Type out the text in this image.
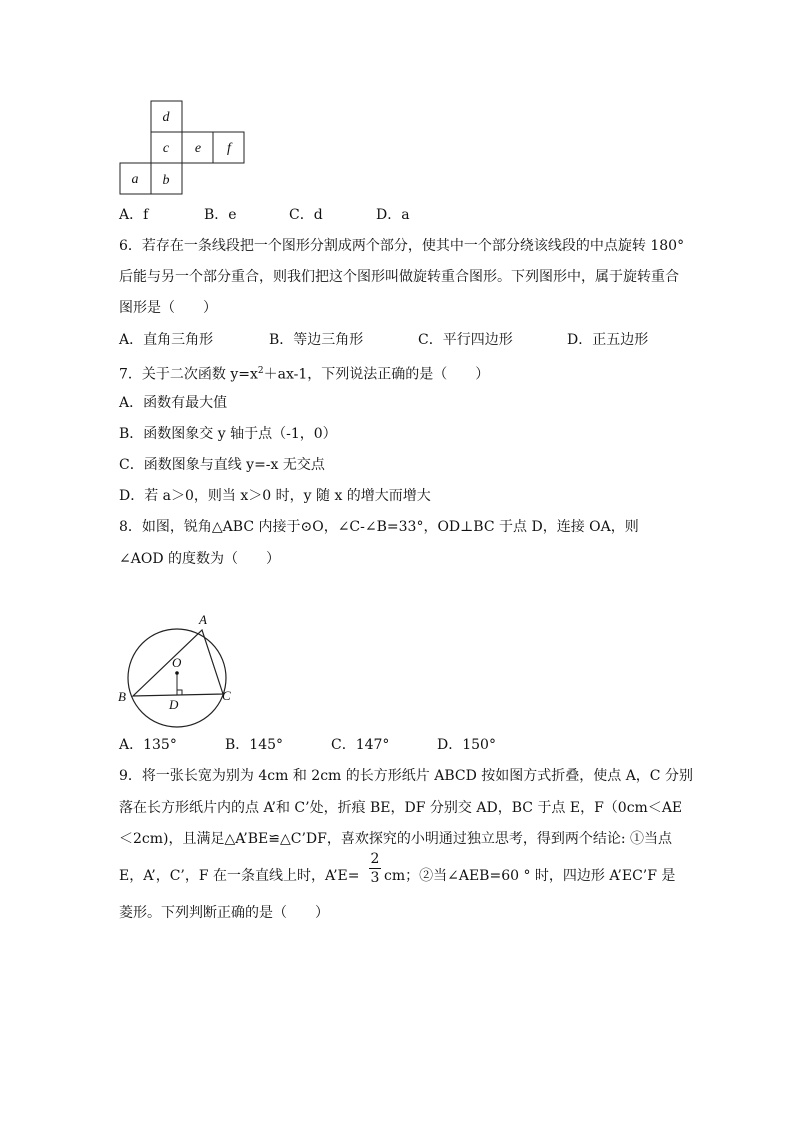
d
c e f
a b
A．f	B．e	C．d	D．a
6．若存在一条线段把一个图形分割成两个部分，使其中一个部分绕该线段的中点旋转 180°
后能与另一个部分重合，则我们把这个图形叫做旋转重合图形。下列图形中，属于旋转重合
图形是（　　）
A．直角三角形	B．等边三角形	C．平行四边形	D．正五边形
7．关于二次函数 $y=x^2+ax-1$，下列说法正确的是（　　）
A．函数有最大值
B．函数图象交 y 轴于点（-1，0）
C．函数图象与直线 y=-x 无交点
D．若 a＞0，则当 x＞0 时，y 随 x 的增大而增大
8．如图，锐角△ABC 内接于⊙O，∠C-∠B=33°，OD⊥BC 于点 D，连接 OA，则
∠AOD 的度数为（　　）
A
O
B	C
D
A．135°	B．145°	C．147°	D．150°
9．将一张长宽为别为 4cm 和 2cm 的长方形纸片 ABCD 按如图方式折叠，使点 A，C 分别
落在长方形纸片内的点 A’和 C’处，折痕 BE，DF 分别交 AD，BC 于点 E，F（0cm＜AE
＜2cm)，且满足△A’BE≌△C’DF，喜欢探究的小明通过独立思考，得到两个结论: ①当点
E，A’，C’，F 在一条直线上时，A’E=
2
3 cm；②当∠AEB=60 ° 时，四边形 A’EC’F 是
菱形。下列判断正确的是（　　）
